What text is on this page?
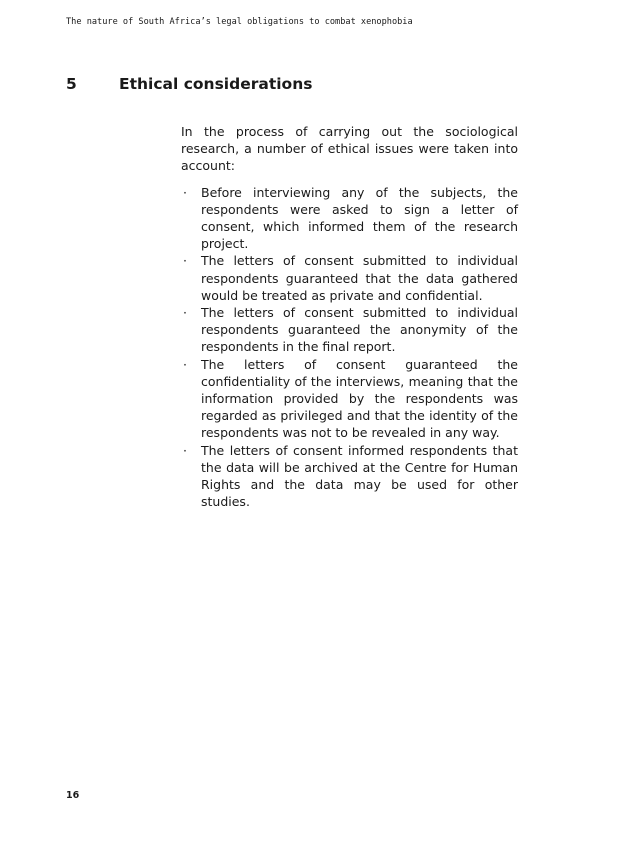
The nature of South Africa’s legal obligations to combat xenophobia
5	Ethical considerations

In the process of carrying out the sociological research, a number of ethical issues were taken into account:

· Before interviewing any of the subjects, the respondents were asked to sign a letter of consent, which informed them of the research project.
· The letters of consent submitted to individual respondents guaranteed that the data gathered would be treated as private and confidential.
· The letters of consent submitted to individual respondents guaranteed the anonymity of the respondents in the final report.
· The letters of consent guaranteed the confidentiality of the interviews, meaning that the information provided by the respondents was regarded as privileged and that the identity of the respondents was not to be revealed in any way.
· The letters of consent informed respondents that the data will be archived at the Centre for Human Rights and the data may be used for other studies.
16
